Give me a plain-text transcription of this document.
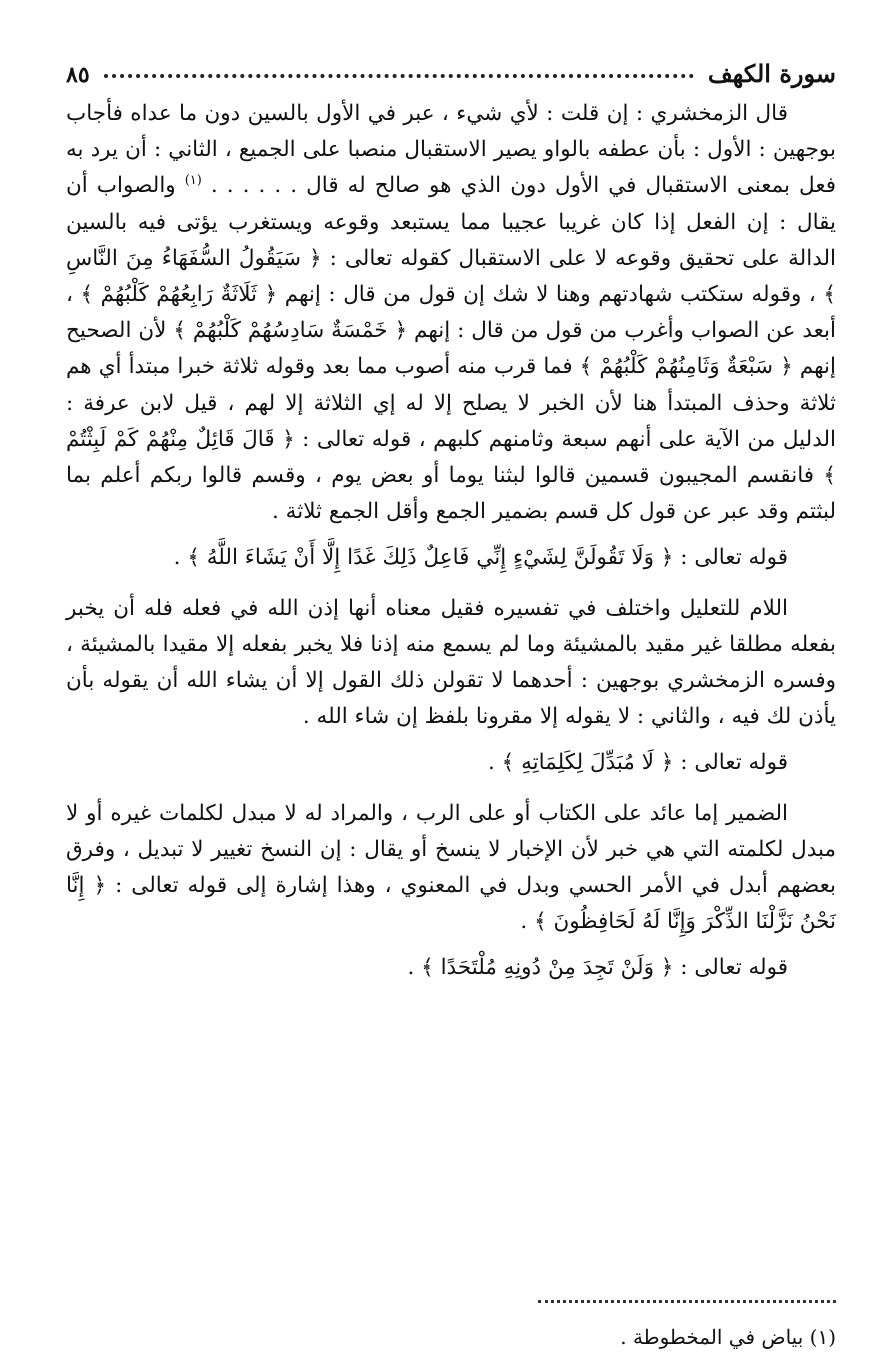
سورة الكهف
٨٥

قال الزمخشري : إن قلت : لأي شيء ، عبر في الأول بالسين دون ما عداه فأجاب بوجهين : الأول : بأن عطفه بالواو يصير الاستقبال منصبا على الجميع ، الثاني : أن يرد به فعل بمعنى الاستقبال في الأول دون الذي هو صالح له قال . . . . . . $^{(١)}$ والصواب أن يقال : إن الفعل إذا كان غريبا عجيبا مما يستبعد وقوعه ويستغرب يؤتى فيه بالسين الدالة على تحقيق وقوعه لا على الاستقبال كقوله تعالى : ﴿ سَيَقُولُ السُّفَهَاءُ مِنَ النَّاسِ ﴾ ، وقوله ستكتب شهادتهم وهنا لا شك إن قول من قال : إنهم ﴿ ثَلَاثَةٌ رَابِعُهُمْ كَلْبُهُمْ ﴾ ، أبعد عن الصواب وأغرب من قول من قال : إنهم ﴿ خَمْسَةٌ سَادِسُهُمْ كَلْبُهُمْ ﴾ لأن الصحيح إنهم ﴿ سَبْعَةٌ وَثَامِنُهُمْ كَلْبُهُمْ ﴾ فما قرب منه أصوب مما بعد وقوله ثلاثة خبرا مبتدأ أي هم ثلاثة وحذف المبتدأ هنا لأن الخبر لا يصلح إلا له إي الثلاثة إلا لهم ، قيل لابن عرفة : الدليل من الآية على أنهم سبعة وثامنهم كلبهم ، قوله تعالى : ﴿ قَالَ قَائِلٌ مِنْهُمْ كَمْ لَبِثْتُمْ ﴾ فانقسم المجيبون قسمين قالوا لبثنا يوما أو بعض يوم ، وقسم قالوا ربكم أعلم بما لبثتم وقد عبر عن قول كل قسم بضمير الجمع وأقل الجمع ثلاثة .

قوله تعالى : ﴿ وَلَا تَقُولَنَّ لِشَيْءٍ إِنِّي فَاعِلٌ ذَلِكَ غَدًا إِلَّا أَنْ يَشَاءَ اللَّهُ ﴾ .

اللام للتعليل واختلف في تفسيره فقيل معناه أنها إذن الله في فعله فله أن يخبر بفعله مطلقا غير مقيد بالمشيئة وما لم يسمع منه إذنا فلا يخبر بفعله إلا مقيدا بالمشيئة ، وفسره الزمخشري بوجهين : أحدهما لا تقولن ذلك القول إلا أن يشاء الله أن يقوله بأن يأذن لك فيه ، والثاني : لا يقوله إلا مقرونا بلفظ إن شاء الله .

قوله تعالى : ﴿ لَا مُبَدِّلَ لِكَلِمَاتِهِ ﴾ .

الضمير إما عائد على الكتاب أو على الرب ، والمراد له لا مبدل لكلمات غيره أو لا مبدل لكلمته التي هي خبر لأن الإخبار لا ينسخ أو يقال : إن النسخ تغيير لا تبديل ، وفرق بعضهم أبدل في الأمر الحسي وبدل في المعنوي ، وهذا إشارة إلى قوله تعالى : ﴿ إِنَّا نَحْنُ نَزَّلْنَا الذِّكْرَ وَإِنَّا لَهُ لَحَافِظُونَ ﴾ .

قوله تعالى : ﴿ وَلَنْ تَجِدَ مِنْ دُونِهِ مُلْتَحَدًا ﴾ .

(١) بياض في المخطوطة .
